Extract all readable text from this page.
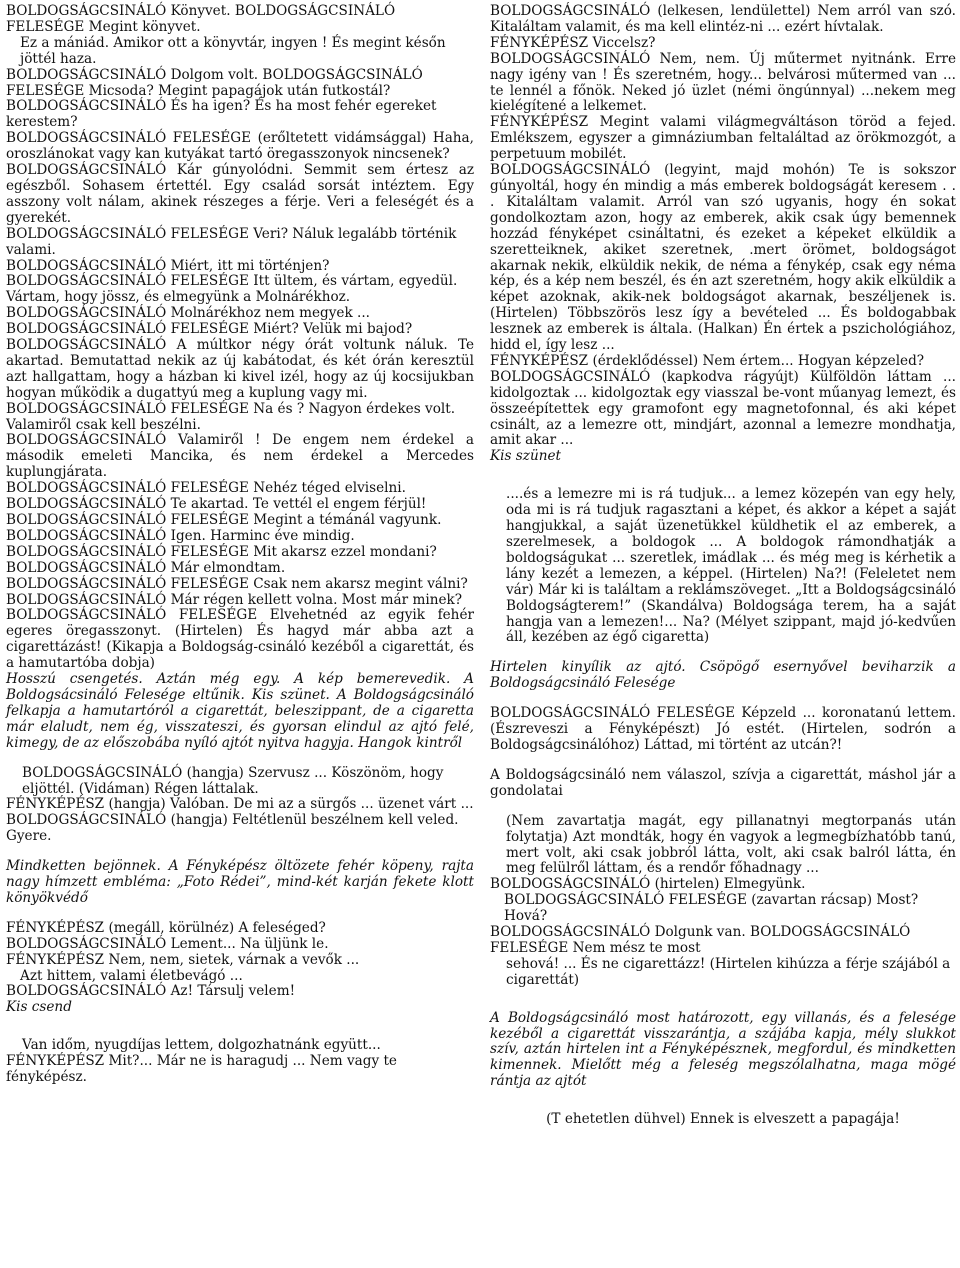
BOLDOGSÁGCSINÁLÓ Könyvet. BOLDOGSÁGCSINÁLÓ FELESÉGE Megint könyvet.

Ez a mániád. Amikor ott a könyvtár, ingyen ! És megint későn jöttél haza.

BOLDOGSÁGCSINÁLÓ Dolgom volt. BOLDOGSÁGCSINÁLÓ FELESÉGE Micsoda? Megint papagájok után futkostál?

BOLDOGSÁGCSINÁLÓ És ha igen? És ha most fehér egereket kerestem?

BOLDOGSÁGCSINÁLÓ FELESÉGE (erőltetett vidámsággal) Haha, oroszlánokat vagy kan kutyákat tartó öregasszonyok nincsenek?

BOLDOGSÁGCSINÁLÓ Kár gúnyolódni. Semmit sem értesz az egészből. Sohasem értettél. Egy család sorsát intéztem. Egy asszony volt nálam, akinek részeges a férje. Veri a feleségét és a gyerekét.

BOLDOGSÁGCSINÁLÓ FELESÉGE Veri? Náluk legalább történik valami.

BOLDOGSÁGCSINÁLÓ Miért, itt mi történjen?

BOLDOGSÁGCSINÁLÓ FELESÉGE Itt ültem, és vártam, egyedül. Vártam, hogy jössz, és elmegyünk a Molnárékhoz.

BOLDOGSÁGCSINÁLÓ Molnárékhoz nem megyek ...

BOLDOGSÁGCSINÁLÓ FELESÉGE Miért? Velük mi bajod?

BOLDOGSÁGCSINÁLÓ A múltkor négy órát voltunk náluk. Te akartad. Bemutattad nekik az új kabátodat, és két órán keresztül azt hallgattam, hogy a házban ki kivel izél, hogy az új kocsijukban hogyan működik a dugattyú meg a kuplung vagy mi.

BOLDOGSÁGCSINÁLÓ FELESÉGE Na és ? Nagyon érdekes volt. Valamiről csak kell beszélni.

BOLDOGSÁGCSINÁLÓ Valamiről ! De engem nem érdekel a második emeleti Mancika, és nem érdekel a Mercedes kuplungjárata.

BOLDOGSÁGCSINÁLÓ FELESÉGE Nehéz téged elviselni.

BOLDOGSÁGCSINÁLÓ Te akartad. Te vettél el engem férjül!

BOLDOGSÁGCSINÁLÓ FELESÉGE Megint a témánál vagyunk.

BOLDOGSÁGCSINÁLÓ Igen. Harminc éve mindig.

BOLDOGSÁGCSINÁLÓ FELESÉGE Mit akarsz ezzel mondani?

BOLDOGSÁGCSINÁLÓ Már elmondtam.

BOLDOGSÁGCSINÁLÓ FELESÉGE Csak nem akarsz megint válni?

BOLDOGSÁGCSINÁLÓ Már régen kellett volna. Most már minek?

BOLDOGSÁGCSINÁLÓ FELESÉGE Elvehetnéd az egyik fehér egeres öregasszonyt. (Hirtelen) És hagyd már abba azt a cigarettázást! (Kikapja a Boldogság-csináló kezéből a cigarettát, és a hamutartóba dobja)

Hosszú csengetés. Aztán még egy. A kép bemerevedik. A Boldogsácsináló Felesége eltűnik. Kis szünet. A Boldogságcsináló felkapja a hamutartóról a cigarettát, beleszippant, de a cigaretta már elaludt, nem ég, visszateszi, és gyorsan elindul az ajtó felé, kimegy, de az előszobába nyíló ajtót nyitva hagyja. Hangok kintről

BOLDOGSÁGCSINÁLÓ (hangja) Szervusz ... Köszönöm, hogy eljöttél. (Vidáman) Régen láttalak.

FÉNYKÉPÉSZ (hangja) Valóban. De mi az a sürgős ... üzenet várt ...

BOLDOGSÁGCSINÁLÓ (hangja) Feltétlenül beszélnem kell veled. Gyere.

Mindketten bejönnek. A Fényképész öltözete fehér köpeny, rajta nagy hímzett embléma: „Foto Rédei”, mind-két karján fekete klott könyökvédő

FÉNYKÉPÉSZ (megáll, körülnéz) A feleséged?

BOLDOGSÁGCSINÁLÓ Lement... Na üljünk le.

FÉNYKÉPÉSZ Nem, nem, sietek, várnak a vevők ...

Azt hittem, valami életbevágó ...

BOLDOGSÁGCSINÁLÓ Az! Társulj velem!

Kis csend

Van időm, nyugdíjas lettem, dolgozhatnánk együtt...

FÉNYKÉPÉSZ Mit?... Már ne is haragudj ... Nem vagy te fényképész.

BOLDOGSÁGCSINÁLÓ (lelkesen, lendülettel) Nem arról van szó. Kitaláltam valamit, és ma kell elintéz-ni ... ezért hívtalak.

FÉNYKÉPÉSZ Viccelsz?

BOLDOGSÁGCSINÁLÓ Nem, nem. Új műtermet nyitnánk. Erre nagy igény van ! És szeretném, hogy... belvárosi műtermed van ... te lennél a főnök. Neked jó üzlet (némi öngúnnyal) ...nekem meg kielégítené a lelkemet.

FÉNYKÉPÉSZ Megint valami világmegváltáson töröd a fejed. Emlékszem, egyszer a gimnáziumban feltaláltad az örökmozgót, a perpetuum mobilét.

BOLDOGSÁGCSINÁLÓ (legyint, majd mohón) Te is sokszor gúnyoltál, hogy én mindig a más emberek boldogságát keresem . . . Kitaláltam valamit. Arról van szó ugyanis, hogy én sokat gondolkoztam azon, hogy az emberek, akik csak úgy bemennek hozzád fényképet csináltatni, és ezeket a képeket elküldik a szeretteiknek, akiket szeretnek, .mert örömet, boldogságot akarnak nekik, elküldik nekik, de néma a fénykép, csak egy néma kép, és a kép nem beszél, és én azt szeretném, hogy akik elküldik a képet azoknak, akik-nek boldogságot akarnak, beszéljenek is. (Hirtelen) Többszörös lesz így a bevételed ... És boldogabbak lesznek az emberek is általa. (Halkan) Én értek a pszichológiához, hidd el, így lesz ...

FÉNYKÉPÉSZ (érdeklődéssel) Nem értem... Hogyan képzeled?

BOLDOGSÁGCSINÁLÓ (kapkodva rágyújt) Külföldön láttam ... kidolgoztak ... kidolgoztak egy viasszal be-vont műanyag lemezt, és összeépítettek egy gramofont egy magnetofonnal, és aki képet csinált, az a lemezre ott, mindjárt, azonnal a lemezre mondhatja, amit akar ...

Kis szünet

....és a lemezre mi is rá tudjuk... a lemez közepén van egy hely, oda mi is rá tudjuk ragasztani a képet, és akkor a képet a saját hangjukkal, a saját üzenetükkel küldhetik el az emberek, a szerelmesek, a boldogok ... A boldogok rámondhatják a boldogságukat ... szeretlek, imádlak ... és még meg is kérhetik a lány kezét a lemezen, a képpel. (Hirtelen) Na?! (Feleletet nem vár) Már ki is találtam a reklámszöveget. „Itt a Boldogságcsináló Boldogságterem!” (Skandálva) Boldogsága terem, ha a saját hangja van a lemezen!... Na? (Mélyet szippant, majd jó-kedvűen áll, kezében az égő cigaretta)

Hirtelen kinyílik az ajtó. Csöpögő esernyővel beviharzik a Boldogságcsináló Felesége

BOLDOGSÁGCSINÁLÓ FELESÉGE Képzeld ... koronatanú lettem. (Észreveszi a Fényképészt) Jó estét. (Hirtelen, sodrón a Boldogságcsinálóhoz) Láttad, mi történt az utcán?!

A Boldogságcsináló nem válaszol, szívja a cigarettát, máshol jár a gondolatai

(Nem zavartatja magát, egy pillanatnyi megtorpanás után folytatja) Azt mondták, hogy én vagyok a legmegbízhatóbb tanú, mert volt, aki csak jobbról látta, volt, aki csak balról látta, én meg felülről láttam, és a rendőr főhadnagy ...

BOLDOGSÁGCSINÁLÓ (hirtelen) Elmegyünk.

BOLDOGSÁGCSINÁLÓ FELESÉGE (zavartan rácsap) Most? Hová?

BOLDOGSÁGCSINÁLÓ Dolgunk van. BOLDOGSÁGCSINÁLÓ FELESÉGE Nem mész te most

sehová! ... És ne cigarettázz! (Hirtelen kihúzza a férje szájából a cigarettát)

A Boldogságcsináló most határozott, egy villanás, és a felesége kezéből a cigarettát visszarántja, a szájába kapja, mély slukkot szív, aztán hirtelen int a Fényképésznek, megfordul, és mindketten kimennek. Mielőtt még a feleség megszólalhatna, maga mögé rántja az ajtót

(T ehetetlen dühvel) Ennek is elveszett a papagája!
